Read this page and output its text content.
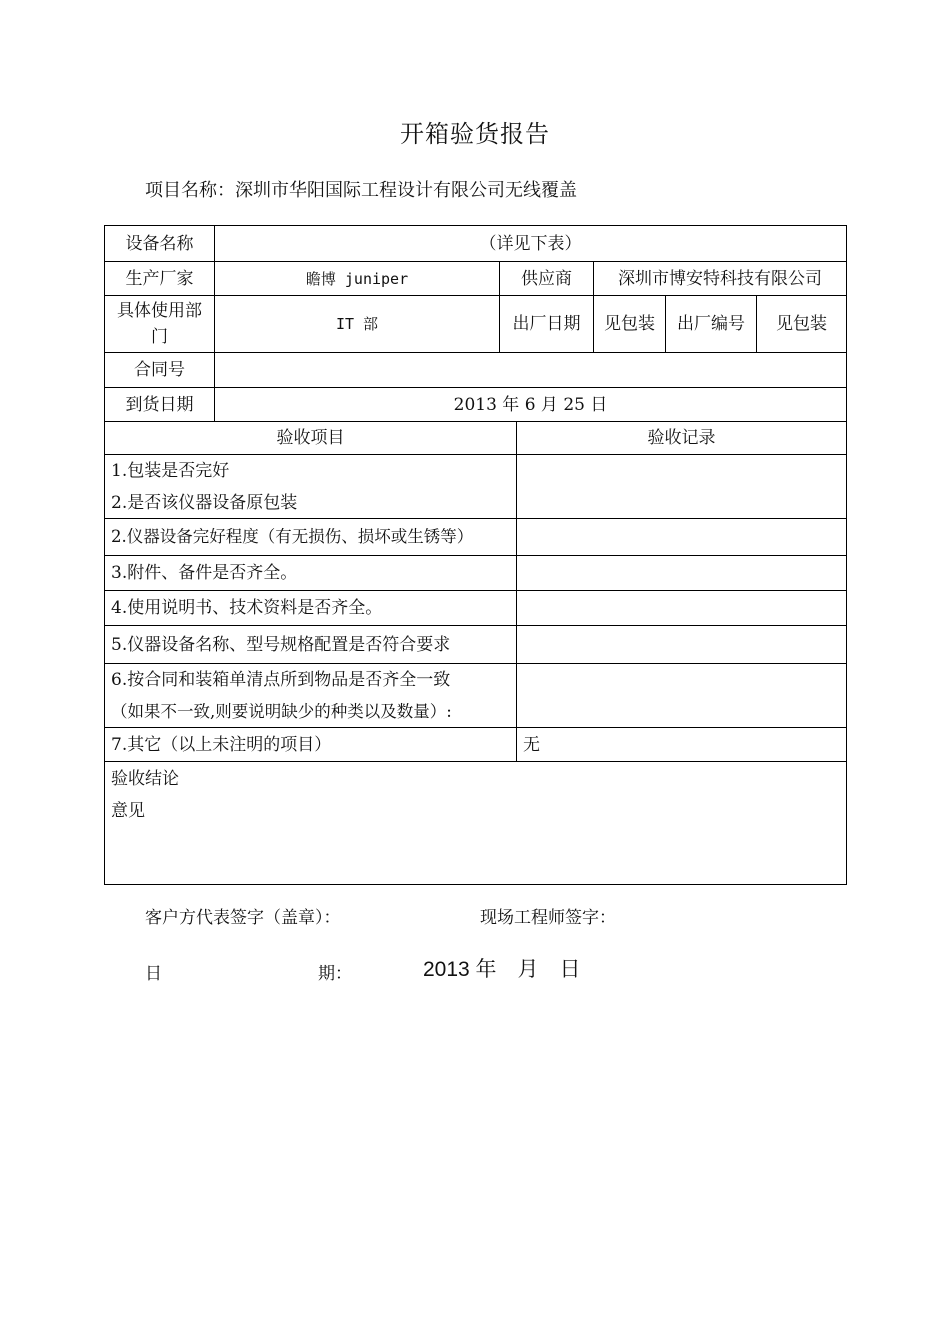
开箱验货报告
项目名称：深圳市华阳国际工程设计有限公司无线覆盖
设备名称	（详见下表）				
生产厂家	瞻博 juniper	供应商	深圳市博安特科技有限公司		
具体使用部门	IT 部	出厂日期	见包装	出厂编号	见包装
合同号					
到货日期	2013 年 6 月 25 日				
验收项目	验收记录

1.包装是否完好
2.是否该仪器设备原包装	

2.仪器设备完好程度（有无损伤、损坏或生锈等）	
3.附件、备件是否齐全。	
4.使用说明书、技术资料是否齐全。	
5.仪器设备名称、型号规格配置是否符合要求	

6.按合同和装箱单清点所到物品是否齐全一致
（如果不一致,则要说明缺少的种类以及数量）:	

7.其它（以上未注明的项目）	无

验收结论
意见	
客户方代表签字（盖章）：	现场工程师签字：
日	期：	2013 年　月　日
